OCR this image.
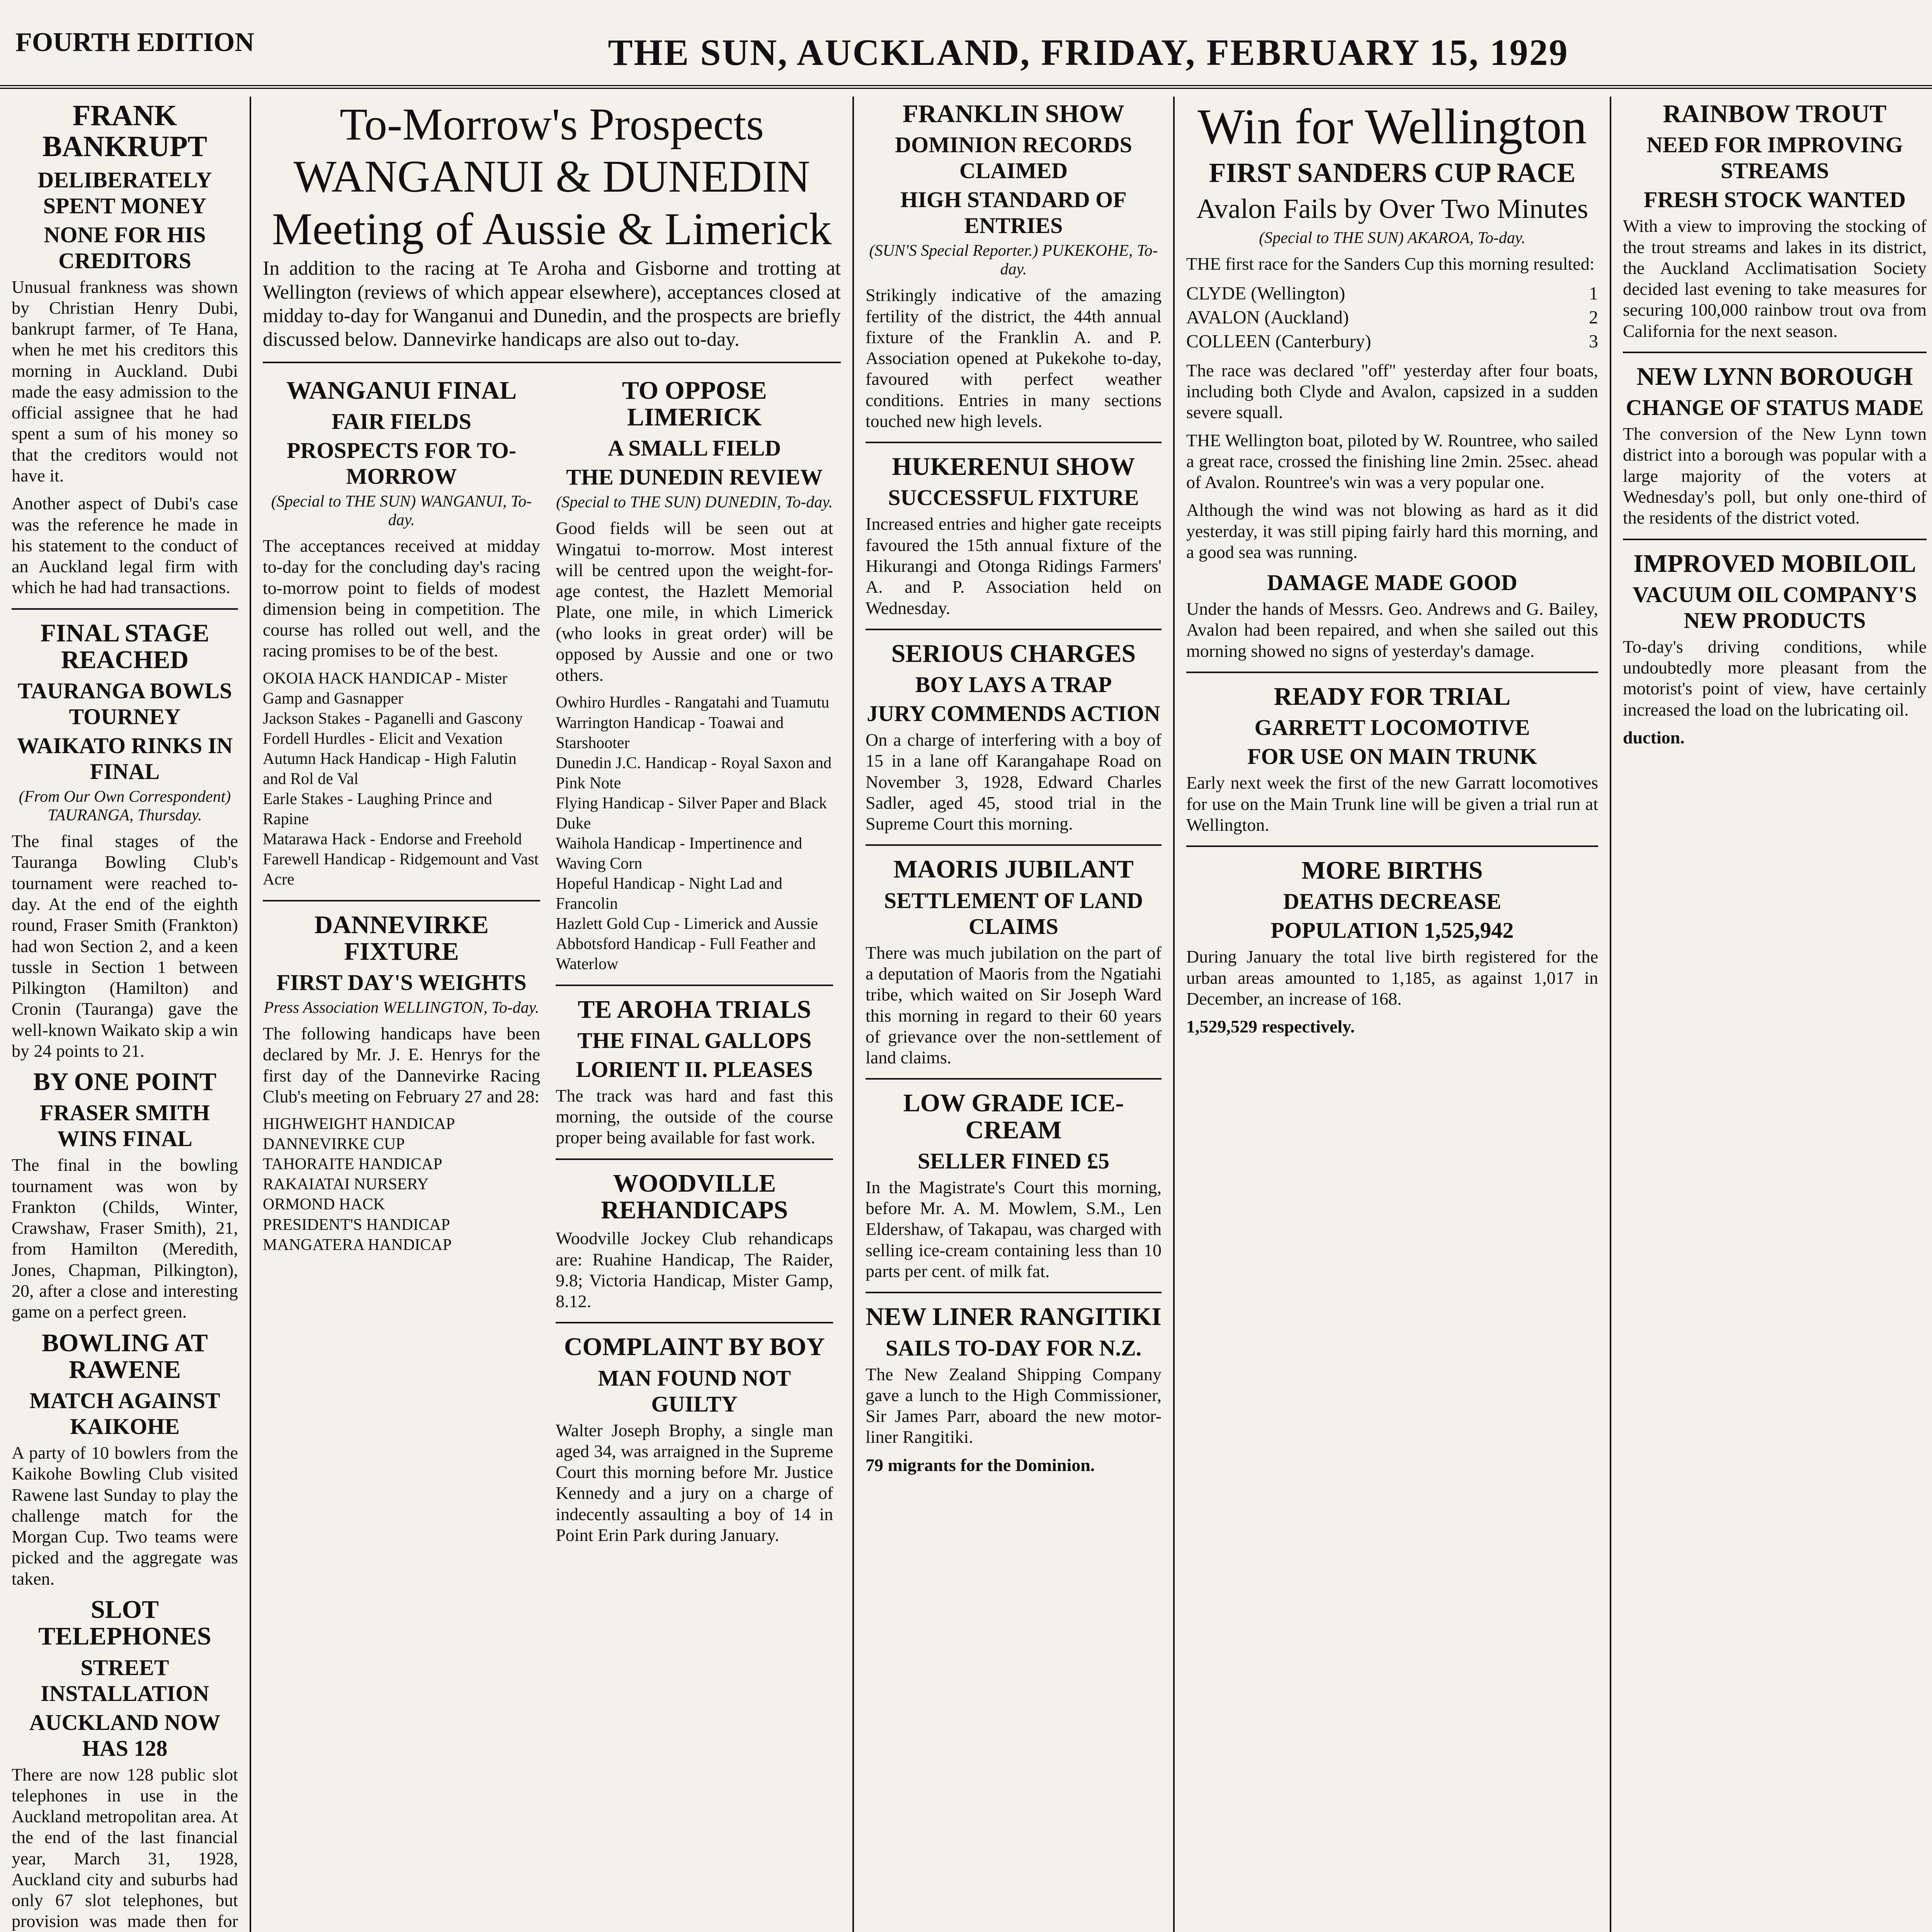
FOURTH EDITION	THE SUN, AUCKLAND, FRIDAY, FEBRUARY 15, 1929
FRANK BANKRUPT
DELIBERATELY SPENT MONEY
NONE FOR HIS CREDITORS
Unusual frankness was shown by Christian Henry Dubi, bankrupt farmer, of Te Hana, when he met his creditors this morning in Auckland. Dubi made the easy admission to the official assignee that he had spent a sum of his money so that the creditors would not have it.
Another aspect of Dubi's case was the reference he made in his statement to the conduct of an Auckland legal firm with which he had had transactions.
FINAL STAGE REACHED
TAURANGA BOWLS TOURNEY
WAIKATO RINKS IN FINAL
(From Our Own Correspondent) TAURANGA, Thursday.
The final stages of the Tauranga Bowling Club's tournament were reached to-day. At the end of the eighth round, Fraser Smith (Frankton) had won Section 2, and a keen tussle in Section 1 between Pilkington (Hamilton) and Cronin (Tauranga) gave the well-known Waikato skip a win by 24 points to 21.
BY ONE POINT
FRASER SMITH WINS FINAL
The final in the bowling tournament was won by Frankton (Childs, Winter, Crawshaw, Fraser Smith), 21, from Hamilton (Meredith, Jones, Chapman, Pilkington), 20, after a close and interesting game on a perfect green.
BOWLING AT RAWENE
MATCH AGAINST KAIKOHE
A party of 10 bowlers from the Kaikohe Bowling Club visited Rawene last Sunday to play the challenge match for the Morgan Cup. Two teams were picked and the aggregate was taken.
SLOT TELEPHONES
STREET INSTALLATION
AUCKLAND NOW HAS 128
There are now 128 public slot telephones in use in the Auckland metropolitan area. At the end of the last financial year, March 31, 1928, Auckland city and suburbs had only 67 slot telephones, but provision was made then for
To-Morrow's Prospects
WANGANUI & DUNEDIN
Meeting of Aussie & Limerick
In addition to the racing at Te Aroha and Gisborne and trotting at Wellington (reviews of which appear elsewhere), acceptances closed at midday to-day for Wanganui and Dunedin, and the prospects are briefly discussed below. Dannevirke handicaps are also out to-day.
WANGANUI FINAL
FAIR FIELDS
PROSPECTS FOR TO-MORROW
(Special to THE SUN) WANGANUI, To-day.
The acceptances received at midday to-day for the concluding day's racing to-morrow point to fields of modest dimension being in competition. The course has rolled out well, and the racing promises to be of the best.
OKOIA HACK HANDICAP - Mister Gamp and Gasnapper
Jackson Stakes - Paganelli and Gascony
Fordell Hurdles - Elicit and Vexation
Autumn Hack Handicap - High Falutin and Rol de Val
Earle Stakes - Laughing Prince and Rapine
Matarawa Hack - Endorse and Freehold
Farewell Handicap - Ridgemount and Vast Acre
DANNEVIRKE FIXTURE
FIRST DAY'S WEIGHTS
Press Association WELLINGTON, To-day.
The following handicaps have been declared by Mr. J. E. Henrys for the first day of the Dannevirke Racing Club's meeting on February 27 and 28:
HIGHWEIGHT HANDICAP
DANNEVIRKE CUP
TAHORAITE HANDICAP
RAKAIATAI NURSERY
ORMOND HACK
PRESIDENT'S HANDICAP
MANGATERA HANDICAP
TO OPPOSE LIMERICK
A SMALL FIELD
THE DUNEDIN REVIEW
(Special to THE SUN) DUNEDIN, To-day.
Good fields will be seen out at Wingatui to-morrow. Most interest will be centred upon the weight-for-age contest, the Hazlett Memorial Plate, one mile, in which Limerick (who looks in great order) will be opposed by Aussie and one or two others.
Owhiro Hurdles - Rangatahi and Tuamutu
Warrington Handicap - Toawai and Starshooter
Dunedin J.C. Handicap - Royal Saxon and Pink Note
Flying Handicap - Silver Paper and Black Duke
Waihola Handicap - Impertinence and Waving Corn
Hopeful Handicap - Night Lad and Francolin
Hazlett Gold Cup - Limerick and Aussie
Abbotsford Handicap - Full Feather and Waterlow
TE AROHA TRIALS
THE FINAL GALLOPS
LORIENT II. PLEASES
The track was hard and fast this morning, the outside of the course proper being available for fast work.
WOODVILLE REHANDICAPS
Woodville Jockey Club rehandicaps are: Ruahine Handicap, The Raider, 9.8; Victoria Handicap, Mister Gamp, 8.12.
COMPLAINT BY BOY
MAN FOUND NOT GUILTY
Walter Joseph Brophy, a single man aged 34, was arraigned in the Supreme Court this morning before Mr. Justice Kennedy and a jury on a charge of indecently assaulting a boy of 14 in Point Erin Park during January.
FRANKLIN SHOW
DOMINION RECORDS CLAIMED
HIGH STANDARD OF ENTRIES
(SUN'S Special Reporter.) PUKEKOHE, To-day.
Strikingly indicative of the amazing fertility of the district, the 44th annual fixture of the Franklin A. and P. Association opened at Pukekohe to-day, favoured with perfect weather conditions. Entries in many sections touched new high levels.
HUKERENUI SHOW
SUCCESSFUL FIXTURE
Increased entries and higher gate receipts favoured the 15th annual fixture of the Hikurangi and Otonga Ridings Farmers' A. and P. Association held on Wednesday.
SERIOUS CHARGES
BOY LAYS A TRAP
JURY COMMENDS ACTION
On a charge of interfering with a boy of 15 in a lane off Karangahape Road on November 3, 1928, Edward Charles Sadler, aged 45, stood trial in the Supreme Court this morning.
MAORIS JUBILANT
SETTLEMENT OF LAND CLAIMS
There was much jubilation on the part of a deputation of Maoris from the Ngatiahi tribe, which waited on Sir Joseph Ward this morning in regard to their 60 years of grievance over the non-settlement of land claims.
LOW GRADE ICE-CREAM
SELLER FINED £5
In the Magistrate's Court this morning, before Mr. A. M. Mowlem, S.M., Len Eldershaw, of Takapau, was charged with selling ice-cream containing less than 10 parts per cent. of milk fat.
NEW LINER RANGITIKI
SAILS TO-DAY FOR N.Z.
The New Zealand Shipping Company gave a lunch to the High Commissioner, Sir James Parr, aboard the new motor-liner Rangitiki.
79 migrants for the Dominion.
Win for Wellington
FIRST SANDERS CUP RACE
Avalon Fails by Over Two Minutes
(Special to THE SUN) AKAROA, To-day.
THE first race for the Sanders Cup this morning resulted:
CLYDE (Wellington)	1
AVALON (Auckland)	2
COLLEEN (Canterbury)	3
The race was declared "off" yesterday after four boats, including both Clyde and Avalon, capsized in a sudden severe squall.
THE Wellington boat, piloted by W. Rountree, who sailed a great race, crossed the finishing line 2min. 25sec. ahead of Avalon. Rountree's win was a very popular one.
Although the wind was not blowing as hard as it did yesterday, it was still piping fairly hard this morning, and a good sea was running.
DAMAGE MADE GOOD
Under the hands of Messrs. Geo. Andrews and G. Bailey, Avalon had been repaired, and when she sailed out this morning showed no signs of yesterday's damage.
READY FOR TRIAL
GARRETT LOCOMOTIVE
FOR USE ON MAIN TRUNK
Early next week the first of the new Garratt locomotives for use on the Main Trunk line will be given a trial run at Wellington.
MORE BIRTHS
DEATHS DECREASE
POPULATION 1,525,942
During January the total live birth registered for the urban areas amounted to 1,185, as against 1,017 in December, an increase of 168.
1,529,529 respectively.
RAINBOW TROUT
NEED FOR IMPROVING STREAMS
FRESH STOCK WANTED
With a view to improving the stocking of the trout streams and lakes in its district, the Auckland Acclimatisation Society decided last evening to take measures for securing 100,000 rainbow trout ova from California for the next season.
NEW LYNN BOROUGH
CHANGE OF STATUS MADE
The conversion of the New Lynn town district into a borough was popular with a large majority of the voters at Wednesday's poll, but only one-third of the residents of the district voted.
IMPROVED MOBILOIL
VACUUM OIL COMPANY'S NEW PRODUCTS
To-day's driving conditions, while undoubtedly more pleasant from the motorist's point of view, have certainly increased the load on the lubricating oil.
duction.
